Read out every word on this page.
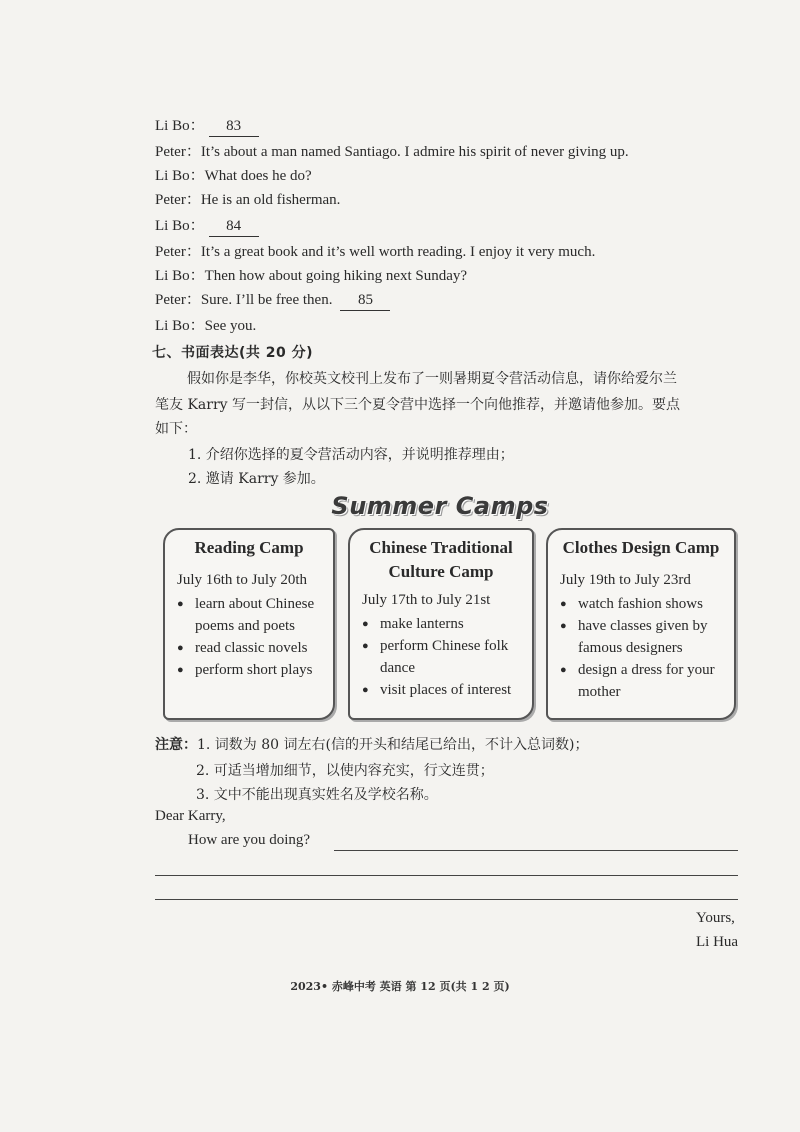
Li Bo： 83
Peter：It’s about a man named Santiago. I admire his spirit of never giving up.
Li Bo：What does he do?
Peter：He is an old fisherman.
Li Bo： 84
Peter：It’s a great book and it’s well worth reading. I enjoy it very much.
Li Bo：Then how about going hiking next Sunday?
Peter：Sure. I’ll be free then. 85
Li Bo：See you.
七、书面表达(共 20 分)
假如你是李华，你校英文校刊上发布了一则暑期夏令营活动信息，请你给爱尔兰
笔友 Karry 写一封信，从以下三个夏令营中选择一个向他推荐，并邀请他参加。要点
如下：
1. 介绍你选择的夏令营活动内容，并说明推荐理由；
2. 邀请 Karry 参加。
Summer Camps
Reading Camp
July 16th to July 20th
● learn about Chinese poems and poets
● read classic novels
● perform short plays
Chinese Traditional
Culture Camp
July 17th to July 21st
● make lanterns
● perform Chinese folk dance
● visit places of interest
Clothes Design Camp
July 19th to July 23rd
● watch fashion shows
● have classes given by famous designers
● design a dress for your mother
注意：1. 词数为 80 词左右(信的开头和结尾已给出，不计入总词数)；
2. 可适当增加细节，以使内容充实，行文连贯；
3. 文中不能出现真实姓名及学校名称。
Dear Karry,
How are you doing?
Yours,
Li Hua
2023• 赤峰中考 英语 第 12 页(共 1 2 页)
